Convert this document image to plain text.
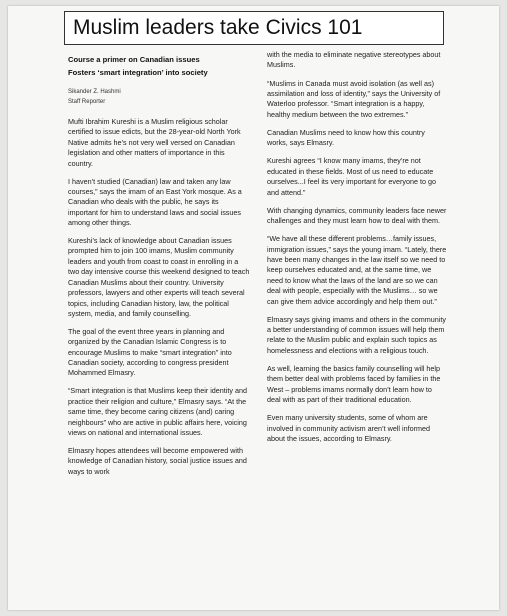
Muslim leaders take Civics 101
Course a primer on Canadian issues
Fosters ‘smart integration’ into society
Sikander Z. Hashmi
Staff Reporter

Mufti Ibrahim Kureshi is a Muslim religious scholar certified to issue edicts, but the 28-year-old North York Native admits he’s not very well versed on Canadian legislation and other matters of importance in this country.

I haven’t studied (Canadian) law and taken any law courses,” says the imam of an East York mosque. As a Canadian who deals with the public, he says its important for him to understand laws and social issues among other things.

Kureshi’s lack of knowledge about Canadian issues prompted him to join 100 imams, Muslim community leaders and youth from coast to coast in enrolling in a two day intensive course this weekend designed to teach Canadian Muslims about their country. University professors, lawyers and other experts will teach several topics, including Canadian history, law, the political system, media, and family counselling.

The goal of the event three years in planning and organized by the Canadian Islamic Congress is to encourage Muslims to make “smart integration” into Canadian society, according to congress president Mohammed Elmasry.

“Smart integration is that Muslims keep their identity and practice their religion and culture,” Elmasry says. “At the same time, they become caring citizens (and) caring neighbours” who are active in public affairs here, voicing views on national and international issues.

Elmasry hopes attendees will become empowered with knowledge of Canadian history, social justice issues and ways to work

with the media to eliminate negative stereotypes about Muslims.

“Muslims in Canada must avoid isolation (as well as) assimilation and loss of identity,” says the University of Waterloo professor. “Smart integration is a happy, healthy medium between the two extremes.”

Canadian Muslims need to know how this country works, says Elmasry.

Kureshi agrees “I know many imams, they’re not educated in these fields. Most of us need to educate ourselves...I feel its very important for everyone to go and attend.”

With changing dynamics, community leaders face newer challenges and they must learn how to deal with them.

“We have all these different problems…family issues, immigration issues,” says the young imam. “Lately, there have been many changes in the law itself so we need to keep ourselves educated and, at the same time, we need to know what the laws of the land are so we can deal with people, especially with the Muslims… so we can give them advice accordingly and help them out.”

Elmasry says giving imams and others in the community a better understanding of common issues will help them relate to the Muslim public and explain such topics as homelessness and elections with a religious touch.

As well, learning the basics family counselling will help them better deal with problems faced by families in the West – problems imams normally don’t learn how to deal with as part of their traditional education.

Even many university students, some of whom are involved in community activism aren’t well informed about the issues, according to Elmasry.
